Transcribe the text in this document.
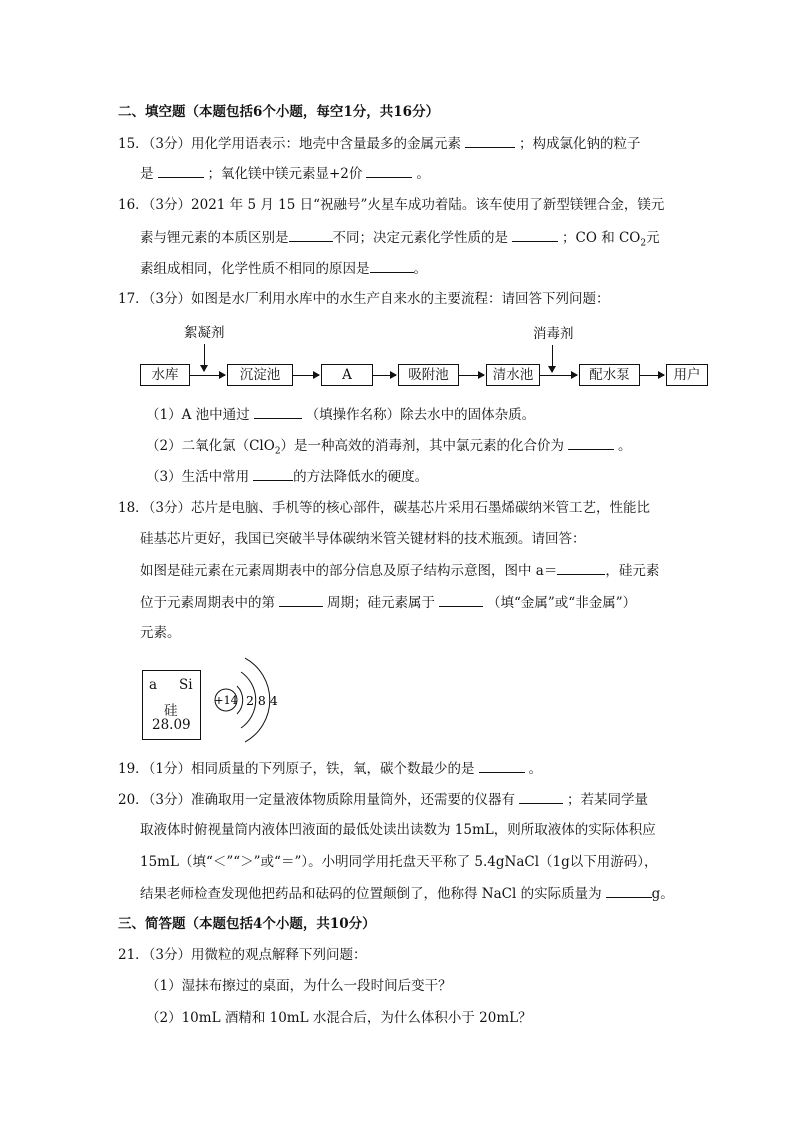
二、填空题（本题包括6个小题，每空1分，共16分）
15．（3分）用化学用语表示：地壳中含量最多的金属元素	；构成氯化钠的粒子
是	；氧化镁中镁元素显+2价	。
16．（3分）2021 年 5 月 15 日“祝融号”火星车成功着陆。该车使用了新型镁锂合金，镁元
素与锂元素的本质区别是	不同；决定元素化学性质的是	；CO 和 $CO_2$元
素组成相同，化学性质不相同的原因是	。
17．（3分）如图是水厂利用水库中的水生产自来水的主要流程：请回答下列问题：
絮凝剂	消毒剂
水库	沉淀池	A	吸附池	清水池	配水泵	用户
（1）A 池中通过	（填操作名称）除去水中的固体杂质。
（2）二氧化氯（ClO$_2$）是一种高效的消毒剂，其中氯元素的化合价为	。
（3）生活中常用	的方法降低水的硬度。
18．（3分）芯片是电脑、手机等的核心部件，碳基芯片采用石墨烯碳纳米管工艺，性能比
硅基芯片更好，我国已突破半导体碳纳米管关键材料的技术瓶颈。请回答：
如图是硅元素在元素周期表中的部分信息及原子结构示意图，图中 a＝	，硅元素
位于元素周期表中的第	周期；硅元素属于	（填“金属”或“非金属”）
元素。
a Si
硅
28.09
+14 2 8 4
19．（1分）相同质量的下列原子，铁，氧，碳个数最少的是	。
20．（3分）准确取用一定量液体物质除用量筒外，还需要的仪器有	；若某同学量
取液体时俯视量筒内液体凹液面的最低处读出读数为 15mL，则所取液体的实际体积应
15mL（填“＜”“＞”或“＝”）。小明同学用托盘天平称了 5.4gNaCl（1g以下用游码），
结果老师检查发现他把药品和砝码的位置颠倒了，他称得 NaCl 的实际质量为	g。
三、简答题（本题包括4个小题，共10分）
21．（3分）用微粒的观点解释下列问题：
（1）湿抹布擦过的桌面，为什么一段时间后变干？
（2）10mL 酒精和 10mL 水混合后，为什么体积小于 20mL？
